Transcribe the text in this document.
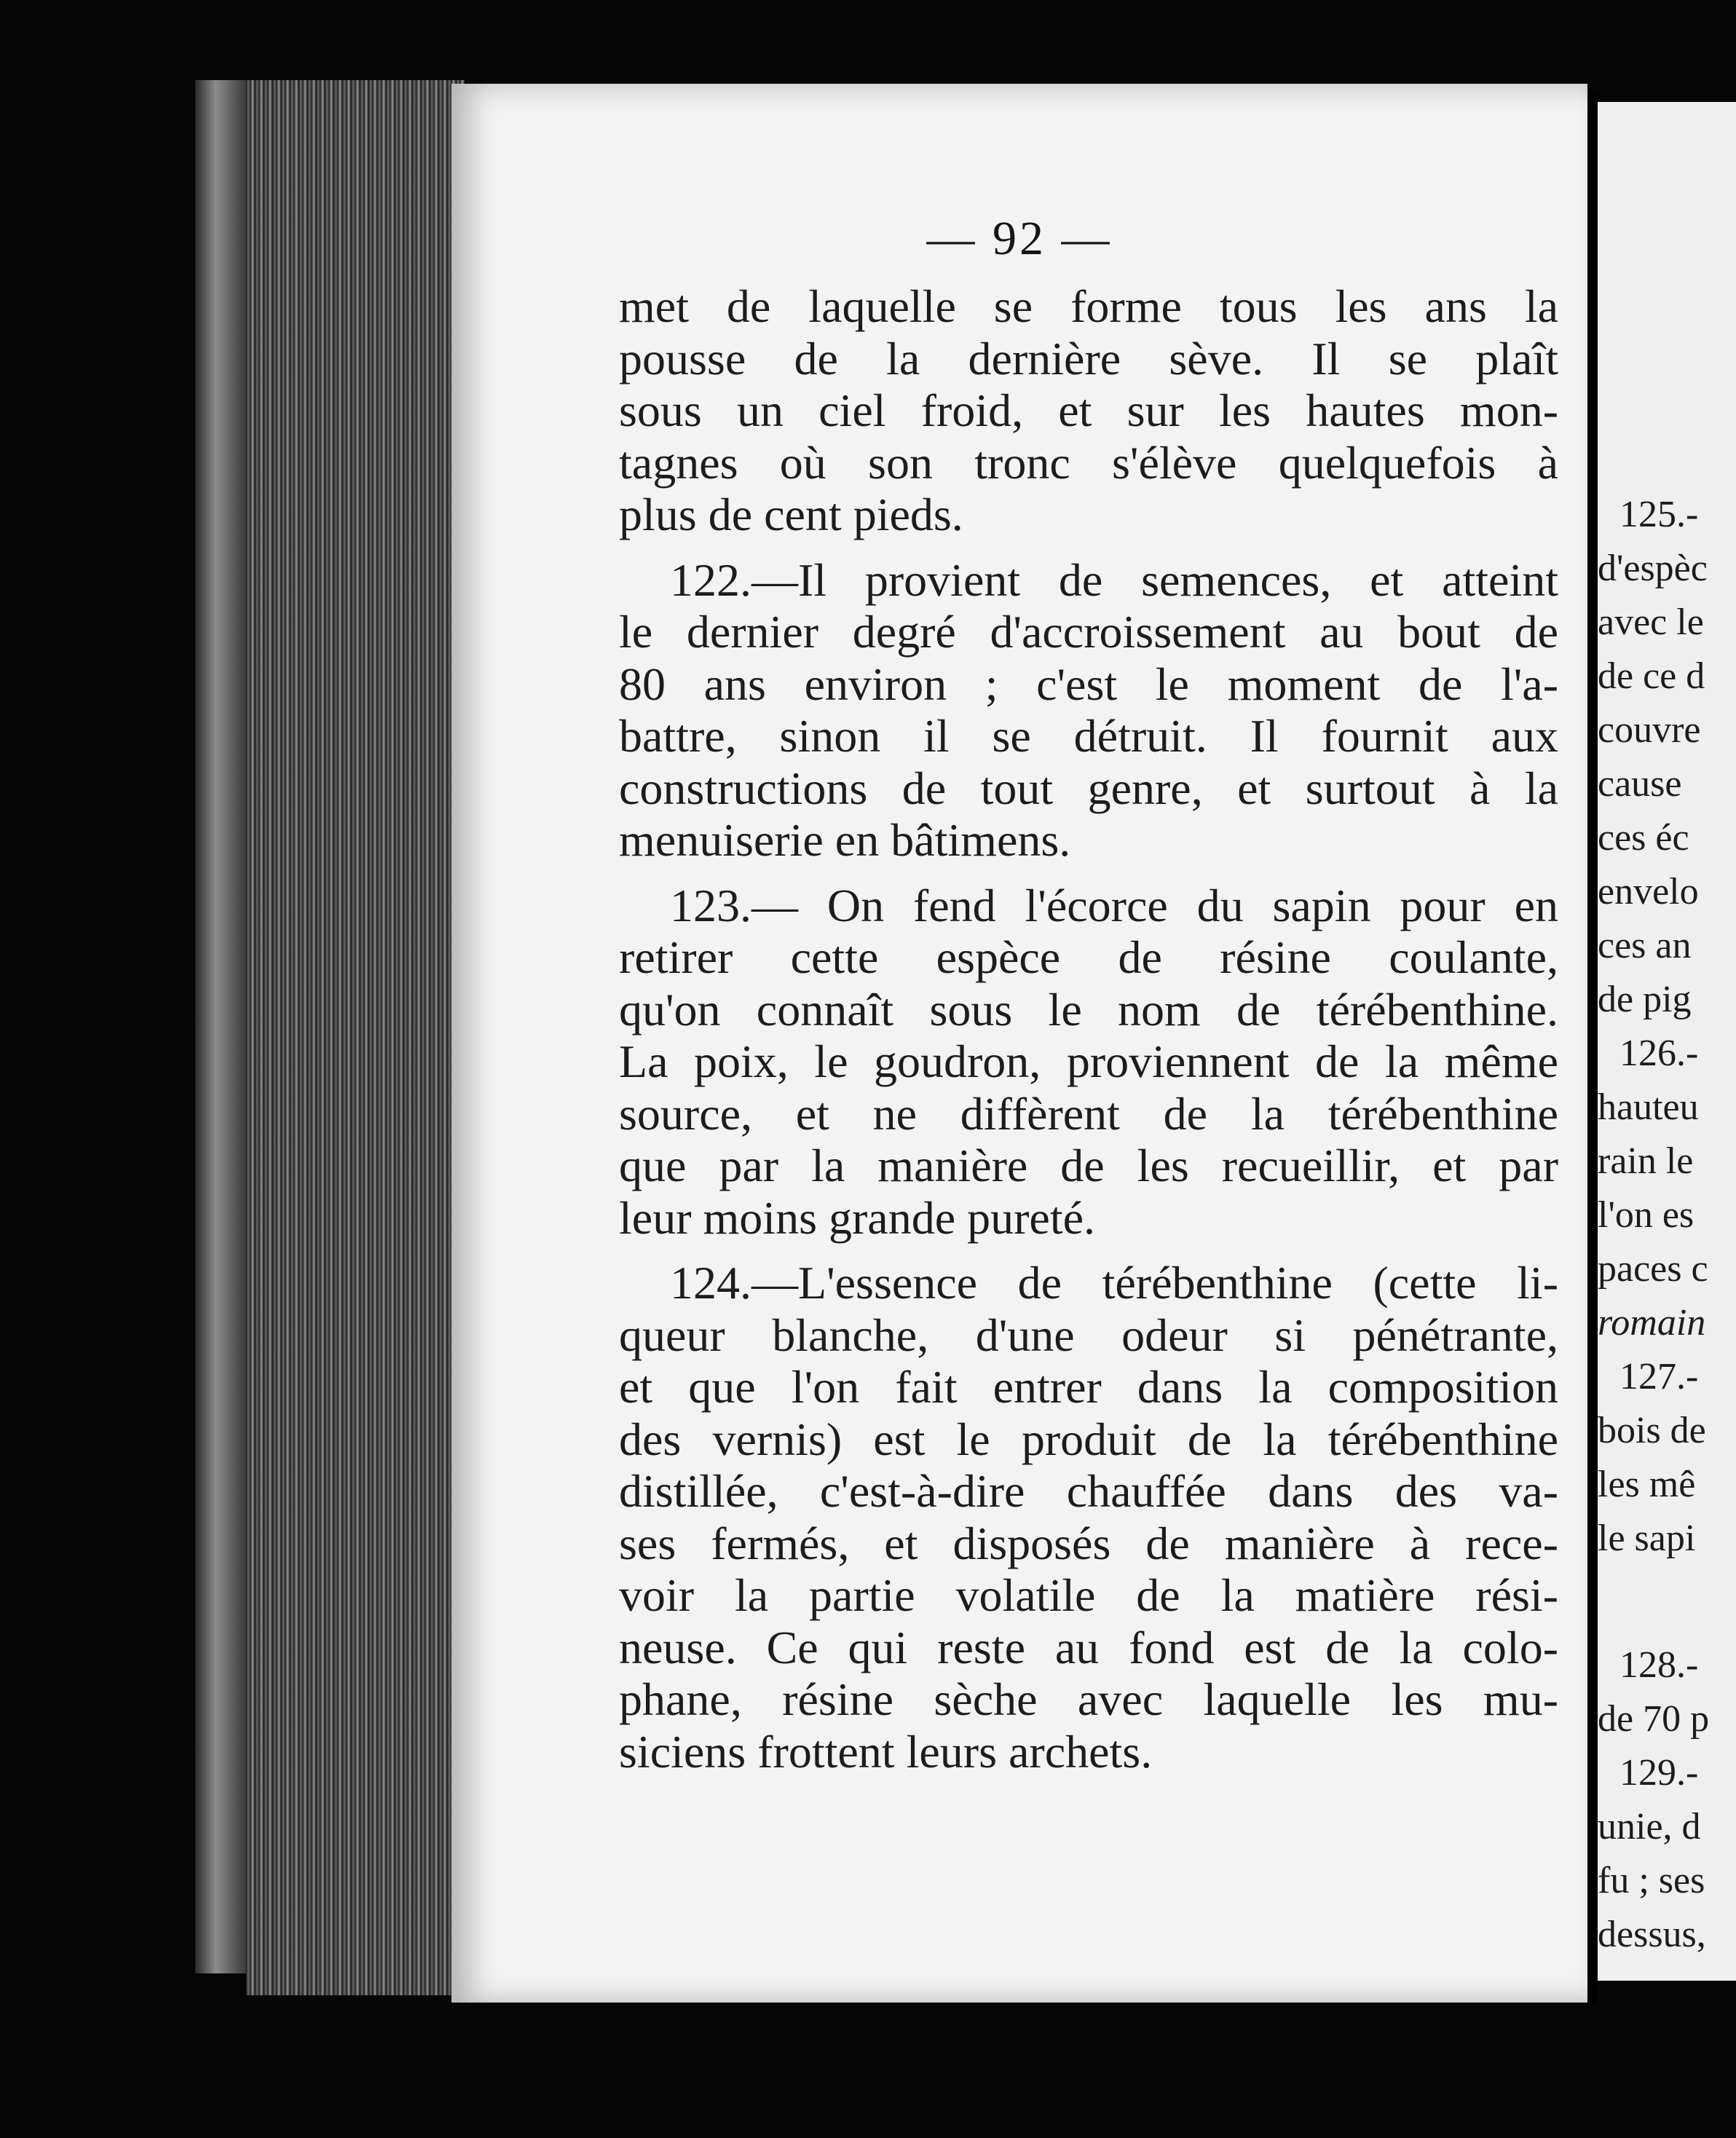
— 92 —
met de laquelle se forme tous les ans la
pousse de la dernière sève. Il se plaît
sous un ciel froid, et sur les hautes mon-
tagnes où son tronc s'élève quelquefois à
plus de cent pieds.
122.—Il provient de semences, et atteint
le dernier degré d'accroissement au bout de
80 ans environ ; c'est le moment de l'a-
battre, sinon il se détruit. Il fournit aux
constructions de tout genre, et surtout à la
menuiserie en bâtimens.
123.— On fend l'écorce du sapin pour en
retirer cette espèce de résine coulante,
qu'on connaît sous le nom de térébenthine.
La poix, le goudron, proviennent de la même
source, et ne diffèrent de la térébenthine
que par la manière de les recueillir, et par
leur moins grande pureté.
124.—L'essence de térébenthine (cette li-
queur blanche, d'une odeur si pénétrante,
et que l'on fait entrer dans la composition
des vernis) est le produit de la térébenthine
distillée, c'est-à-dire chauffée dans des va-
ses fermés, et disposés de manière à rece-
voir la partie volatile de la matière rési-
neuse. Ce qui reste au fond est de la colo-
phane, résine sèche avec laquelle les mu-
siciens frottent leurs archets.
125.-
d'espèc
avec le
de ce d
couvre
cause
ces éc
envelo
ces an
de pig
126.-
hauteu
rain le
l'on es
paces c
romain
127.-
bois de
les mê
le sapi
128.-
de 70 p
129.-
unie, d
fu ; ses
dessus,
